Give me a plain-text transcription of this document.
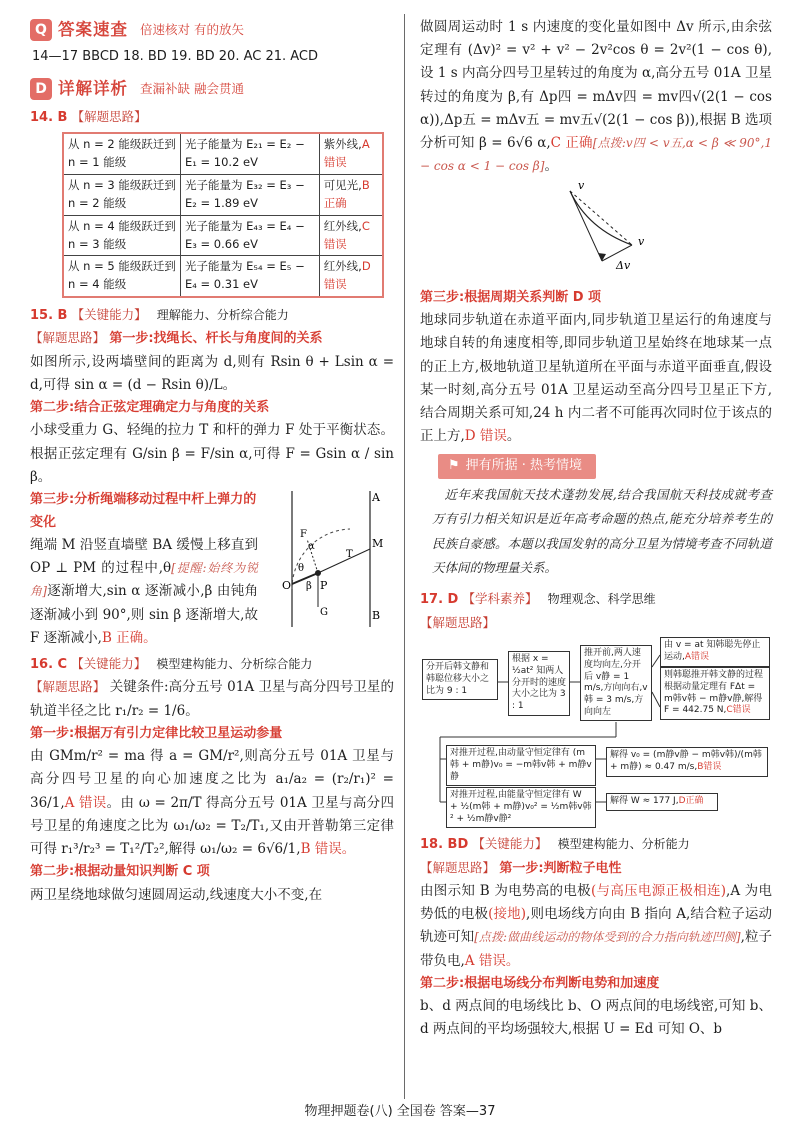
Q 答案速查 倍速核对 有的放矢
14—17 BBCD 18. BD 19. BD 20. AC 21. ACD
D 详解详析 查漏补缺 融会贯通
14. B 【解题思路】
从 n = 2 能级跃迁到 n = 1 能级	光子能量为 E₂₁ = E₂ − E₁ = 10.2 eV	紫外线,A 错误
从 n = 3 能级跃迁到 n = 2 能级	光子能量为 E₃₂ = E₃ − E₂ = 1.89 eV	可见光,B 正确
从 n = 4 能级跃迁到 n = 3 能级	光子能量为 E₄₃ = E₄ − E₃ = 0.66 eV	红外线,C 错误
从 n = 5 能级跃迁到 n = 4 能级	光子能量为 E₅₄ = E₅ − E₄ = 0.31 eV	红外线,D 错误
15. B 【关键能力】 理解能力、分析综合能力
【解题思路】 第一步:找绳长、杆长与角度间的关系

如图所示,设两墙壁间的距离为 d,则有 Rsin θ + Lsin α = d,可得 sin α = (d − Rsin θ)/L。

第二步:结合正弦定理确定力与角度的关系

小球受重力 G、轻绳的拉力 T 和杆的弹力 F 处于平衡状态。根据正弦定理有 G/sin β = F/sin α,可得 F = Gsin α / sin β。

第三步:分析绳端移动过程中杆上弹力的变化

绳端 M 沿竖直墙壁 BA 缓慢上移直到 OP ⊥ PM 的过程中,θ[提醒:始终为锐角]逐渐增大,sin α 逐渐减小,β 由钝角逐渐减小到 90°,则 sin β 逐渐增大,故 F 逐渐减小,B 正确。

A
B
M
O	P
θ
α
β
F
T
G
16. C 【关键能力】 模型建构能力、分析综合能力

【解题思路】 关键条件:高分五号 01A 卫星与高分四号卫星的轨道半径之比 r₁/r₂ = 1/6。

第一步:根据万有引力定律比较卫星运动参量

由 GMm/r² = ma 得 a = GM/r²,则高分五号 01A 卫星与高分四号卫星的向心加速度之比为 a₁/a₂ = (r₂/r₁)² = 36/1,A 错误。由 ω = 2π/T 得高分五号 01A 卫星与高分四号卫星的角速度之比为 ω₁/ω₂ = T₂/T₁,又由开普勒第三定律可得 r₁³/r₂³ = T₁²/T₂²,解得 ω₁/ω₂ = 6√6/1,B 错误。

第二步:根据动量知识判断 C 项

两卫星绕地球做匀速圆周运动,线速度大小不变,在

做圆周运动时 1 s 内速度的变化量如图中 Δv 所示,由余弦定理有 (Δv)² = v² + v² − 2v²cos θ = 2v²(1 − cos θ),设 1 s 内高分四号卫星转过的角度为 α,高分五号 01A 卫星转过的角度为 β,有 Δp四 = mΔv四 = mv四√(2(1 − cos α)),Δp五 = mΔv五 = mv五√(2(1 − cos β)),根据 B 选项分析可知 β = 6√6 α,C 正确[点拨:v四 < v五,α < β ≪ 90°,1 − cos α < 1 − cos β]。

v
v
Δv
第三步:根据周期关系判断 D 项

地球同步轨道在赤道平面内,同步轨道卫星运行的角速度与地球自转的角速度相等,即同步轨道卫星始终在地球某一点的正上方,极地轨道卫星轨道所在平面与赤道平面垂直,假设某一时刻,高分五号 01A 卫星运动至高分四号卫星正下方,结合周期关系可知,24 h 内二者不可能再次同时位于该点的正上方,D 错误。

⚑ 押有所据 · 热考情境

近年来我国航天技术蓬勃发展,结合我国航天科技成就考查万有引力相关知识是近年高考命题的热点,能充分培养考生的民族自豪感。本题以我国发射的高分卫星为情境考查不同轨道天体间的物理量关系。

17. D 【学科素养】 物理观念、科学思维
【解题思路】
分开后韩文静和韩聪位移大小之比为 9 : 1
根据 x = ½at² 知两人分开时的速度大小之比为 3 : 1
推开前,两人速度均向左,分开后 v静 = 1 m/s,方向向右,v韩 = 3 m/s,方向向左
由 v = at 知韩聪先停止运动,A错误
则韩聪推开韩文静的过程根据动量定理有 FΔt = m韩v韩 − m静v静,解得 F = 442.75 N,C错误
对推开过程,由动量守恒定律有 (m韩 + m静)v₀ = −m韩v韩 + m静v静
解得 v₀ = (m静v静 − m韩v韩)/(m韩 + m静) ≈ 0.47 m/s,B错误
对推开过程,由能量守恒定律有 W + ½(m韩 + m静)v₀² = ½m韩v韩² + ½m静v静²
解得 W ≈ 177 J,D正确
18. BD 【关键能力】 模型建构能力、分析能力
【解题思路】 第一步:判断粒子电性

由图示知 B 为电势高的电极(与高压电源正极相连),A 为电势低的电极(接地),则电场线方向由 B 指向 A,结合粒子运动轨迹可知[点拨:做曲线运动的物体受到的合力指向轨迹凹侧],粒子带负电,A 错误。

第二步:根据电场线分布判断电势和加速度

b、d 两点间的电场线比 b、O 两点间的电场线密,可知 b、d 两点间的平均场强较大,根据 U = Ed 可知 O、b

物理押题卷(八) 全国卷 答案—37
